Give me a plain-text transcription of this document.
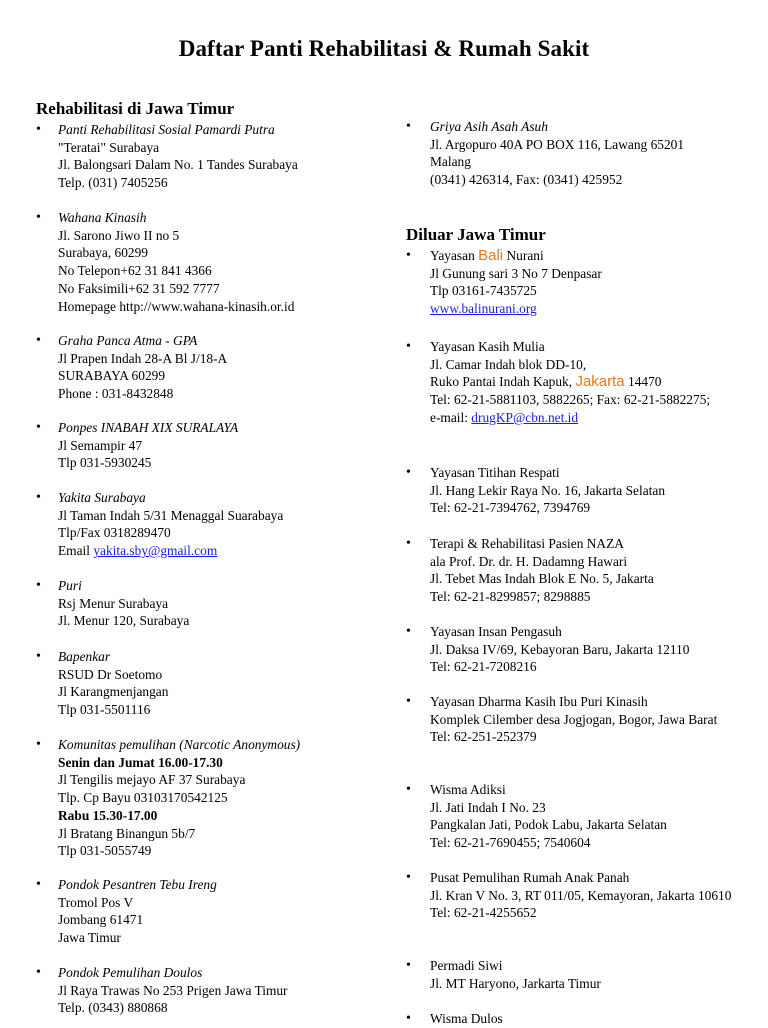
Daftar Panti Rehabilitasi & Rumah Sakit
Rehabilitasi di Jawa Timur
• Panti Rehabilitasi Sosial Pamardi Putra
"Teratai" Surabaya
Jl. Balongsari Dalam No. 1 Tandes Surabaya
Telp. (031) 7405256
• Wahana Kinasih
Jl. Sarono Jiwo II no 5
Surabaya, 60299
No Telepon+62 31 841 4366
No Faksimili+62 31 592 7777
Homepage http://www.wahana-kinasih.or.id
• Graha Panca Atma - GPA
Jl Prapen Indah 28-A Bl J/18-A
SURABAYA 60299
Phone : 031-8432848
• Ponpes INABAH XIX SURALAYA
Jl Semampir 47
Tlp 031-5930245
• Yakita Surabaya
Jl Taman Indah 5/31 Menaggal Suarabaya
Tlp/Fax 0318289470
Email yakita.sby@gmail.com
• Puri
Rsj Menur Surabaya
Jl. Menur 120, Surabaya
• Bapenkar
RSUD Dr Soetomo
Jl Karangmenjangan
Tlp 031-5501116
• Komunitas pemulihan (Narcotic Anonymous)
Senin dan Jumat 16.00-17.30
Jl Tengilis mejayo AF 37 Surabaya
Tlp. Cp Bayu 03103170542125
Rabu 15.30-17.00
Jl Bratang Binangun 5b/7
Tlp 031-5055749
• Pondok Pesantren Tebu Ireng
Tromol Pos V
Jombang 61471
Jawa Timur
• Pondok Pemulihan Doulos
Jl Raya Trawas No 253 Prigen Jawa Timur
Telp. (0343) 880868
• Griya Asih Asah Asuh
Jl. Argopuro 40A PO BOX 116, Lawang 65201
Malang
(0341) 426314, Fax: (0341) 425952
Diluar Jawa Timur
• Yayasan Bali Nurani
Jl Gunung sari 3 No 7 Denpasar
Tlp 03161-7435725
www.balinurani.org
• Yayasan Kasih Mulia
Jl. Camar Indah blok DD-10,
Ruko Pantai Indah Kapuk, Jakarta 14470
Tel: 62-21-5881103, 5882265; Fax: 62-21-5882275;
e-mail: drugKP@cbn.net.id
• Yayasan Titihan Respati
Jl. Hang Lekir Raya No. 16, Jakarta Selatan
Tel: 62-21-7394762, 7394769
• Terapi & Rehabilitasi Pasien NAZA
ala Prof. Dr. dr. H. Dadamng Hawari
Jl. Tebet Mas Indah Blok E No. 5, Jakarta
Tel: 62-21-8299857; 8298885
• Yayasan Insan Pengasuh
Jl. Daksa IV/69, Kebayoran Baru, Jakarta 12110
Tel: 62-21-7208216
• Yayasan Dharma Kasih Ibu Puri Kinasih
Komplek Cilember desa Jogjogan, Bogor, Jawa Barat
Tel: 62-251-252379
• Wisma Adiksi
Jl. Jati Indah I No. 23
Pangkalan Jati, Podok Labu, Jakarta Selatan
Tel: 62-21-7690455; 7540604
• Pusat Pemulihan Rumah Anak Panah
Jl. Kran V No. 3, RT 011/05, Kemayoran, Jakarta 10610
Tel: 62-21-4255652
• Permadi Siwi
Jl. MT Haryono, Jarkarta Timur
• Wisma Dulos
